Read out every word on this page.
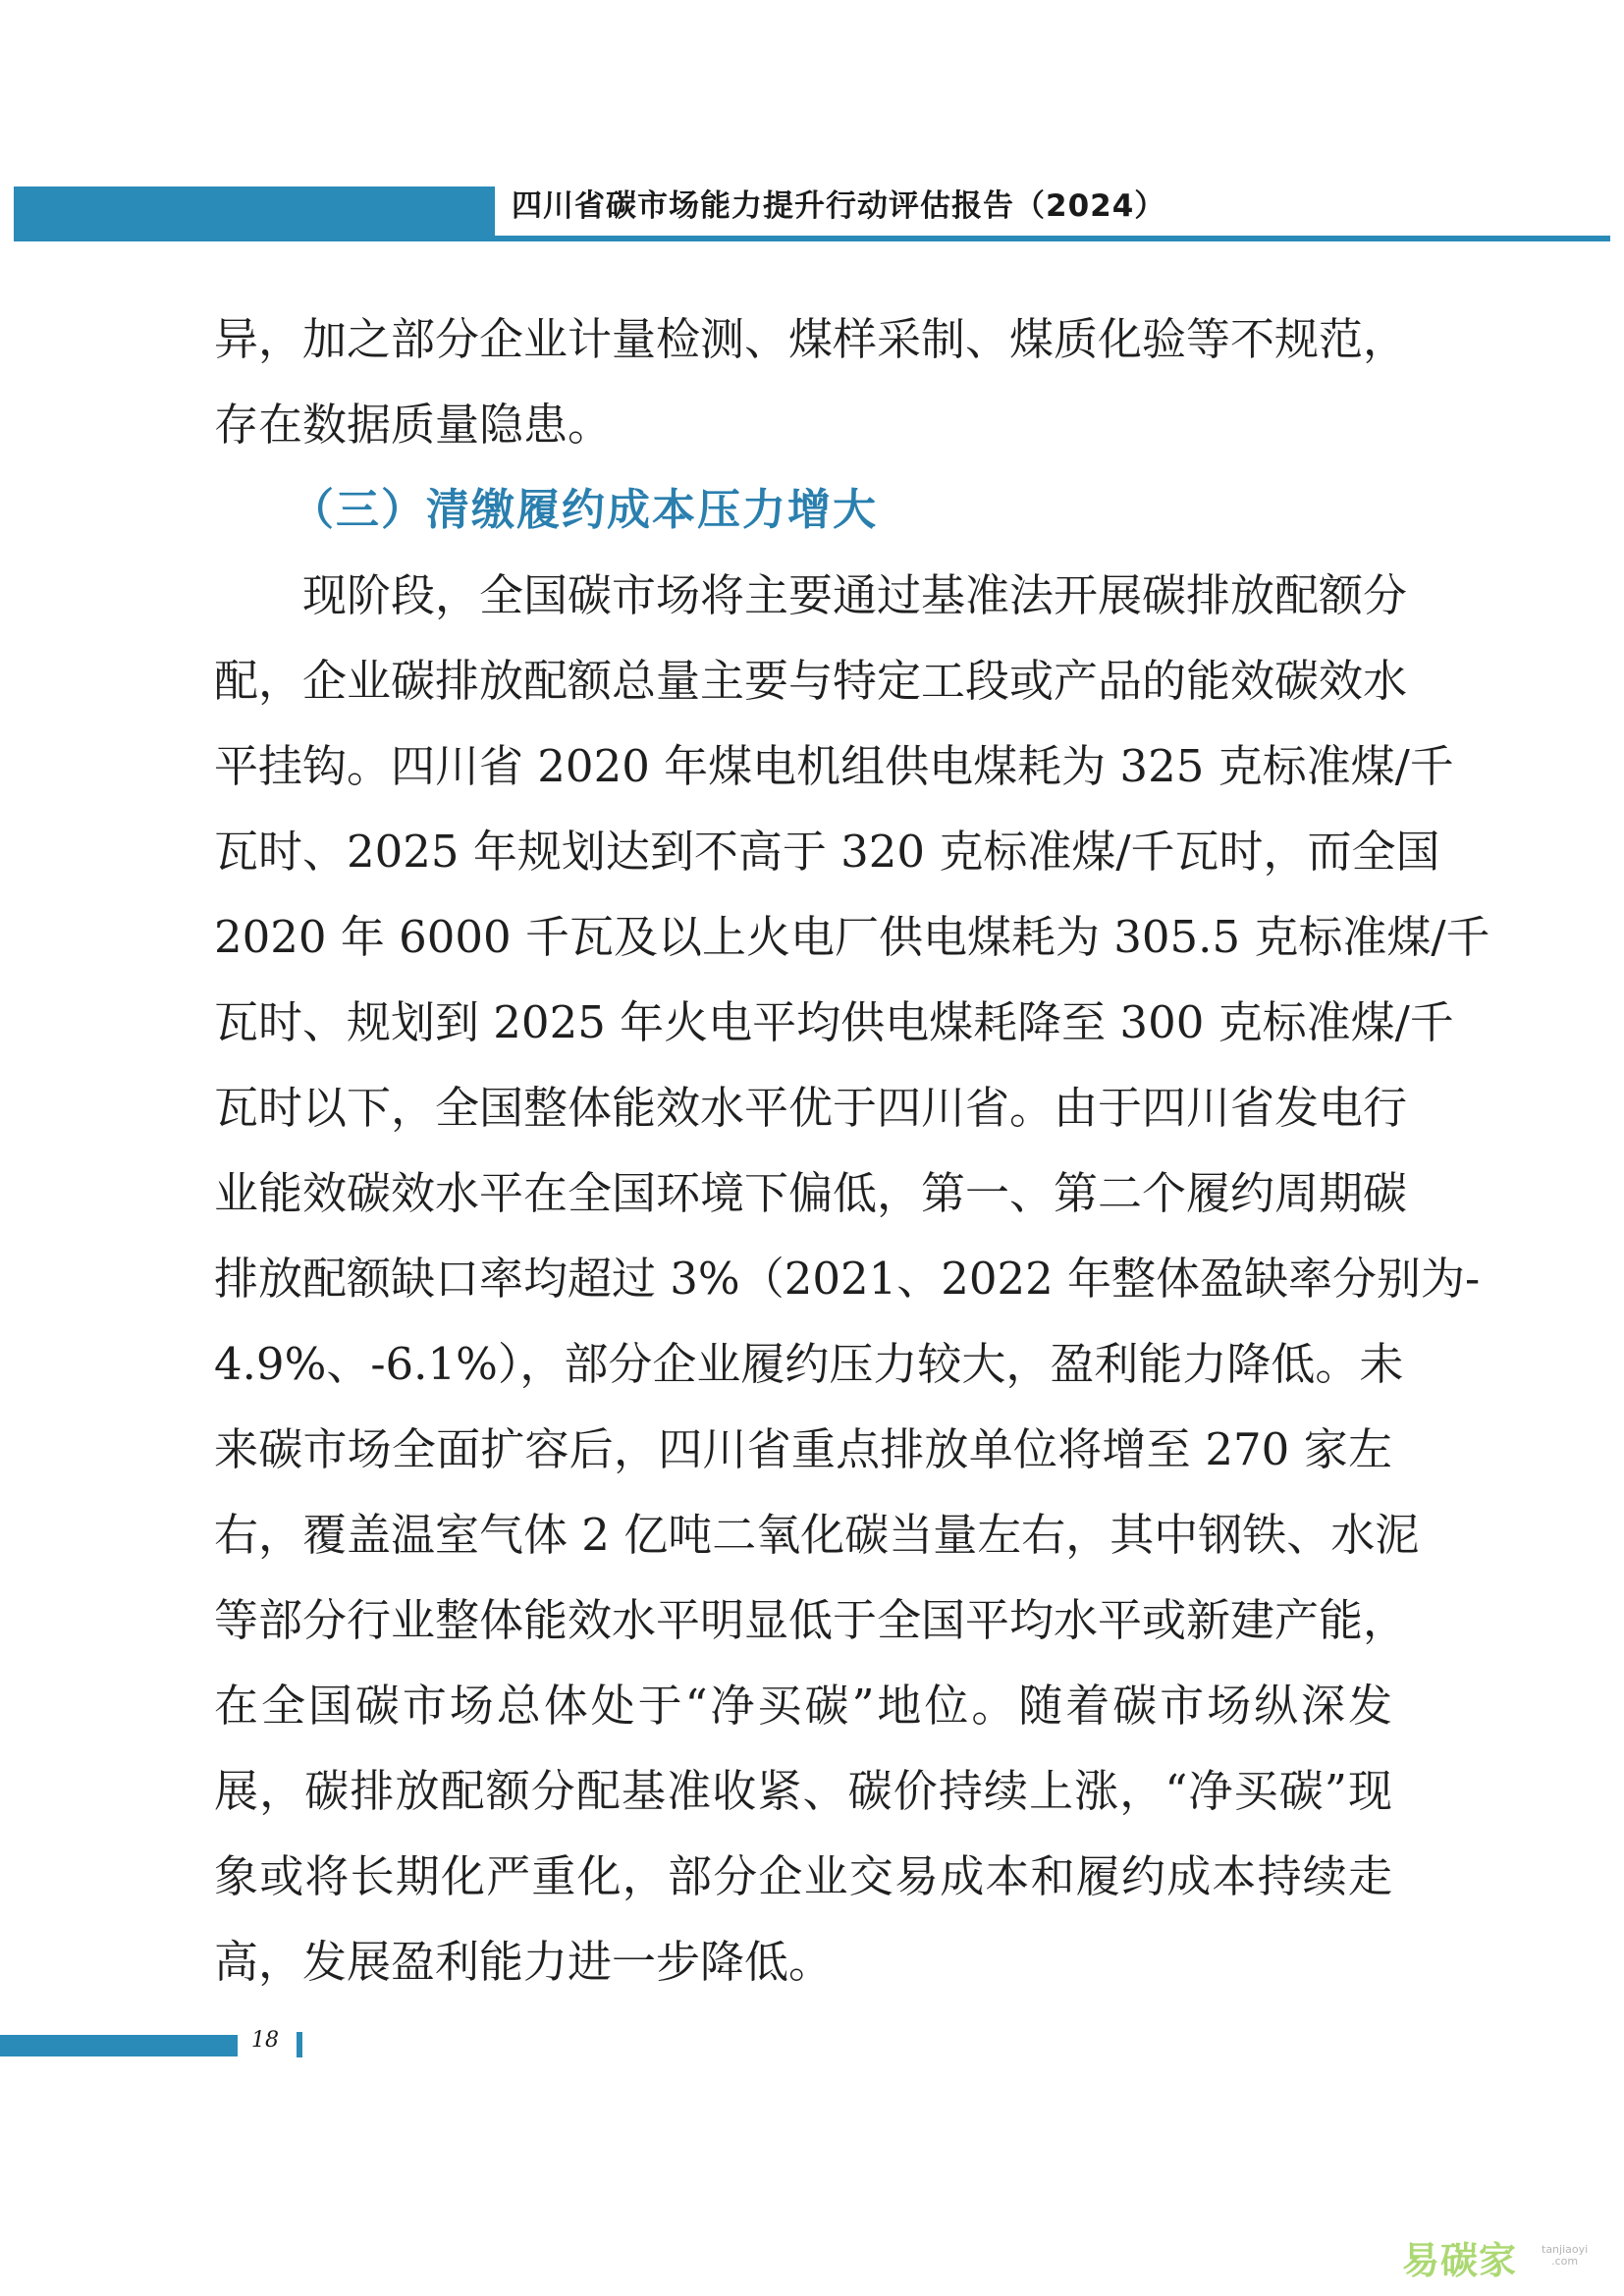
四川省碳市场能力提升行动评估报告（2024）
异，加之部分企业计量检测、煤样采制、煤质化验等不规范，
存在数据质量隐患。
（三）清缴履约成本压力增大
现阶段，全国碳市场将主要通过基准法开展碳排放配额分
配，企业碳排放配额总量主要与特定工段或产品的能效碳效水
平挂钩。四川省 2020 年煤电机组供电煤耗为 325 克标准煤/千
瓦时、2025 年规划达到不高于 320 克标准煤/千瓦时，而全国
2020 年 6000 千瓦及以上火电厂供电煤耗为 305.5 克标准煤/千
瓦时、规划到 2025 年火电平均供电煤耗降至 300 克标准煤/千
瓦时以下，全国整体能效水平优于四川省。由于四川省发电行
业能效碳效水平在全国环境下偏低，第一、第二个履约周期碳
排放配额缺口率均超过 3%（2021、2022 年整体盈缺率分别为-
4.9%、-6.1%），部分企业履约压力较大，盈利能力降低。未
来碳市场全面扩容后，四川省重点排放单位将增至 270 家左
右，覆盖温室气体 2 亿吨二氧化碳当量左右，其中钢铁、水泥
等部分行业整体能效水平明显低于全国平均水平或新建产能，
在全国碳市场总体处于“净买碳”地位。随着碳市场纵深发
展，碳排放配额分配基准收紧、碳价持续上涨，“净买碳”现
象或将长期化严重化，部分企业交易成本和履约成本持续走
高，发展盈利能力进一步降低。
18
易碳家 tanjiaoyi
.com
